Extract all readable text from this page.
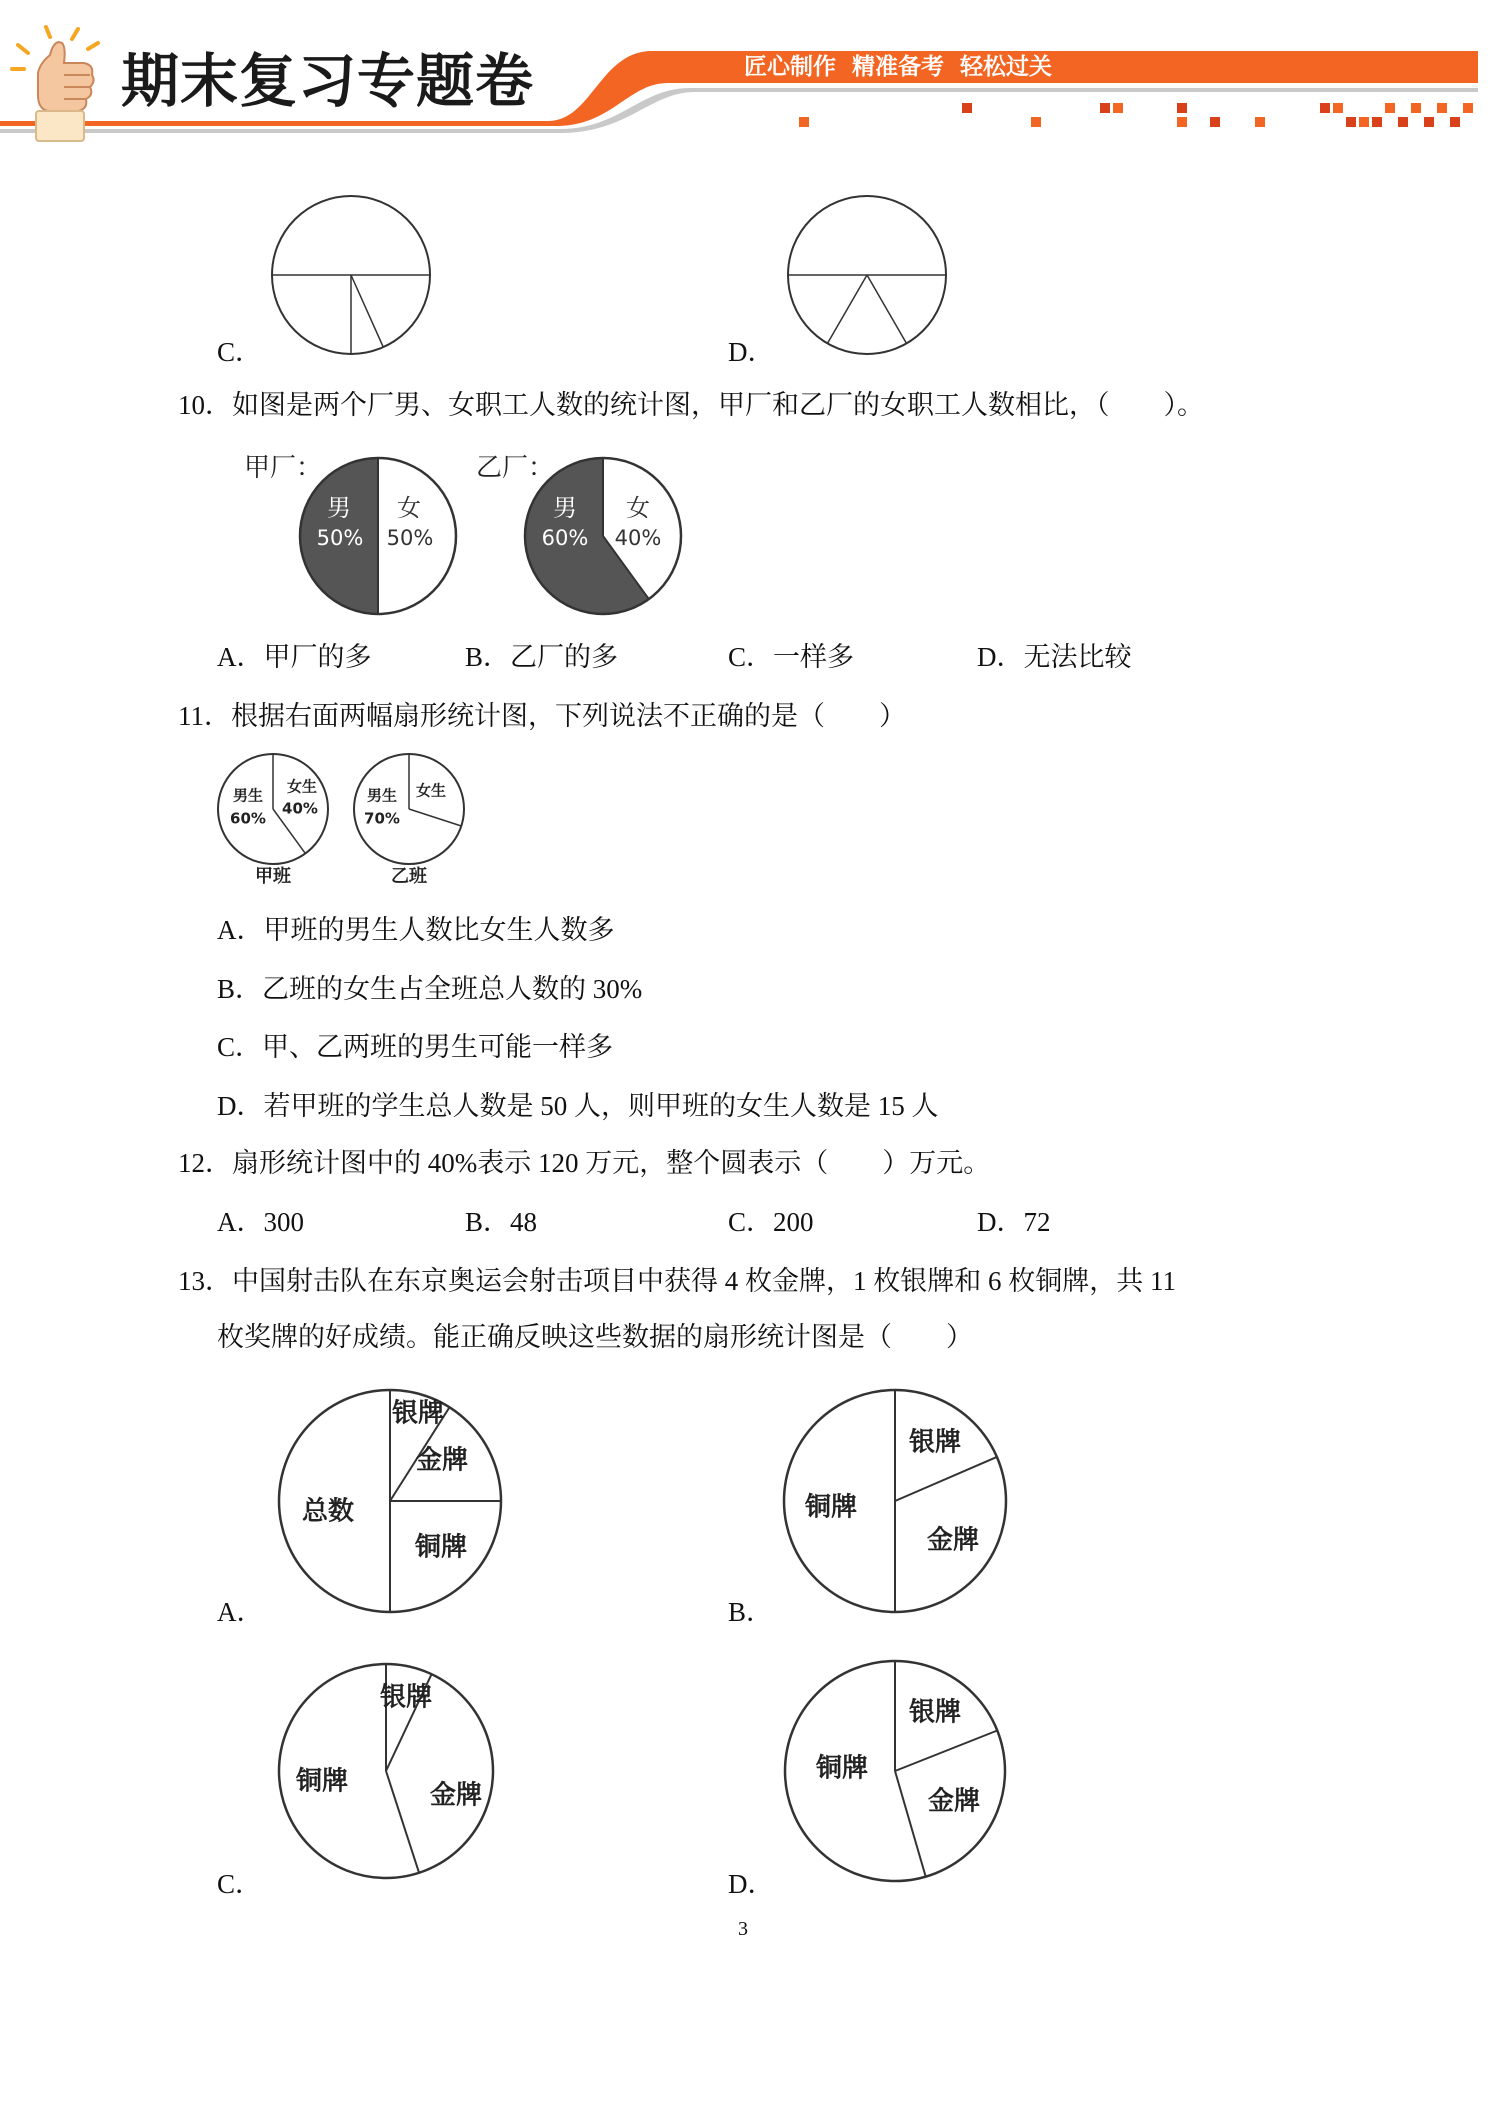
期末复习专题卷	匠心制作  精准备考  轻松过关
C．	D．
10．如图是两个厂男、女职工人数的统计图，甲厂和乙厂的女职工人数相比，（　　）。
甲厂：
男
50%
女
50%
乙厂：
男
60%
女
40%
A．甲厂的多	B．乙厂的多	C．一样多	D．无法比较
11．根据右面两幅扇形统计图，下列说法不正确的是（　　）
男生
60%
女生
40%
甲班
男生
70%
女生
乙班
A．甲班的男生人数比女生人数多
B．乙班的女生占全班总人数的 30%
C．甲、乙两班的男生可能一样多
D．若甲班的学生总人数是 50 人，则甲班的女生人数是 15 人
12．扇形统计图中的 40%表示 120 万元，整个圆表示（　　）万元。
A．300	B．48	C．200	D．72
13．中国射击队在东京奥运会射击项目中获得 4 枚金牌，1 枚银牌和 6 枚铜牌，共 11
枚奖牌的好成绩。能正确反映这些数据的扇形统计图是（　　）
银牌
金牌
铜牌
总数
A．
银牌
金牌
铜牌
B．
银牌
金牌
铜牌
C．
银牌
金牌
铜牌
D．
3
